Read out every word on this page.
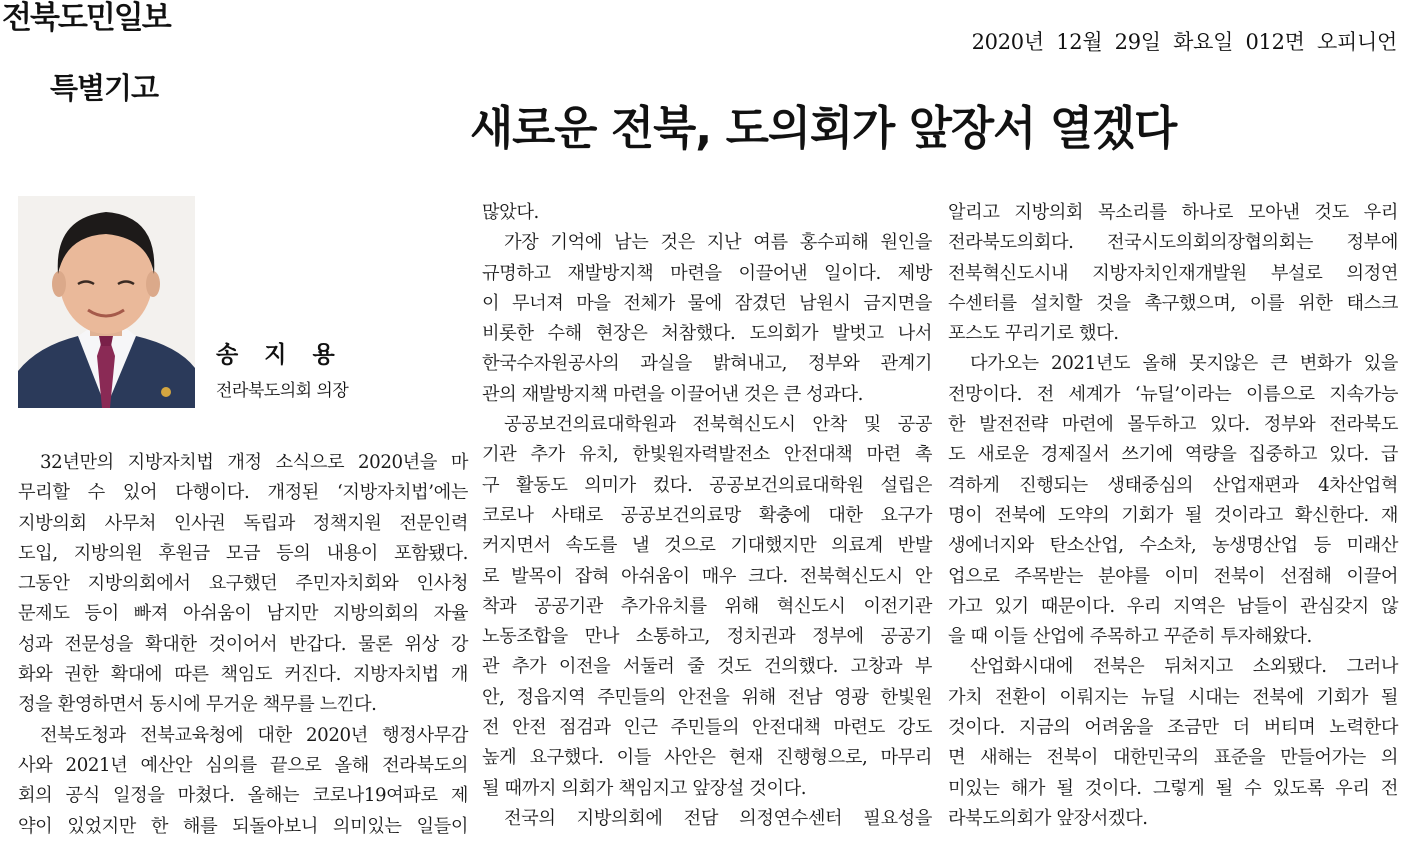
전북도민일보
2020년 12월 29일 화요일 012면 오피니언
특별기고
새로운 전북, 도의회가 앞장서 열겠다
송 지 용
전라북도의회 의장
32년만의 지방자치법 개정 소식으로 2020년을 마
무리할 수 있어 다행이다. 개정된 ‘지방자치법’에는
지방의회 사무처 인사권 독립과 정책지원 전문인력
도입, 지방의원 후원금 모금 등의 내용이 포함됐다.
그동안 지방의회에서 요구했던 주민자치회와 인사청
문제도 등이 빠져 아쉬움이 남지만 지방의회의 자율
성과 전문성을 확대한 것이어서 반갑다. 물론 위상 강
화와 권한 확대에 따른 책임도 커진다. 지방자치법 개
정을 환영하면서 동시에 무거운 책무를 느낀다.
전북도청과 전북교육청에 대한 2020년 행정사무감
사와 2021년 예산안 심의를 끝으로 올해 전라북도의
회의 공식 일정을 마쳤다. 올해는 코로나19여파로 제
약이 있었지만 한 해를 되돌아보니 의미있는 일들이
많았다.
가장 기억에 남는 것은 지난 여름 홍수피해 원인을
규명하고 재발방지책 마련을 이끌어낸 일이다. 제방
이 무너져 마을 전체가 물에 잠겼던 남원시 금지면을
비롯한 수해 현장은 처참했다. 도의회가 발벗고 나서
한국수자원공사의 과실을 밝혀내고, 정부와 관계기
관의 재발방지책 마련을 이끌어낸 것은 큰 성과다.
공공보건의료대학원과 전북혁신도시 안착 및 공공
기관 추가 유치, 한빛원자력발전소 안전대책 마련 촉
구 활동도 의미가 컸다. 공공보건의료대학원 설립은
코로나 사태로 공공보건의료망 확충에 대한 요구가
커지면서 속도를 낼 것으로 기대했지만 의료계 반발
로 발목이 잡혀 아쉬움이 매우 크다. 전북혁신도시 안
착과 공공기관 추가유치를 위해 혁신도시 이전기관
노동조합을 만나 소통하고, 정치권과 정부에 공공기
관 추가 이전을 서둘러 줄 것도 건의했다. 고창과 부
안, 정읍지역 주민들의 안전을 위해 전남 영광 한빛원
전 안전 점검과 인근 주민들의 안전대책 마련도 강도
높게 요구했다. 이들 사안은 현재 진행형으로, 마무리
될 때까지 의회가 책임지고 앞장설 것이다.
전국의 지방의회에 전담 의정연수센터 필요성을
알리고 지방의회 목소리를 하나로 모아낸 것도 우리
전라북도의회다. 전국시도의회의장협의회는 정부에
전북혁신도시내 지방자치인재개발원 부설로 의정연
수센터를 설치할 것을 촉구했으며, 이를 위한 태스크
포스도 꾸리기로 했다.
다가오는 2021년도 올해 못지않은 큰 변화가 있을
전망이다. 전 세계가 ‘뉴딜’이라는 이름으로 지속가능
한 발전전략 마련에 몰두하고 있다. 정부와 전라북도
도 새로운 경제질서 쓰기에 역량을 집중하고 있다. 급
격하게 진행되는 생태중심의 산업재편과 4차산업혁
명이 전북에 도약의 기회가 될 것이라고 확신한다. 재
생에너지와 탄소산업, 수소차, 농생명산업 등 미래산
업으로 주목받는 분야를 이미 전북이 선점해 이끌어
가고 있기 때문이다. 우리 지역은 남들이 관심갖지 않
을 때 이들 산업에 주목하고 꾸준히 투자해왔다.
산업화시대에 전북은 뒤처지고 소외됐다. 그러나
가치 전환이 이뤄지는 뉴딜 시대는 전북에 기회가 될
것이다. 지금의 어려움을 조금만 더 버티며 노력한다
면 새해는 전북이 대한민국의 표준을 만들어가는 의
미있는 해가 될 것이다. 그렇게 될 수 있도록 우리 전
라북도의회가 앞장서겠다.
